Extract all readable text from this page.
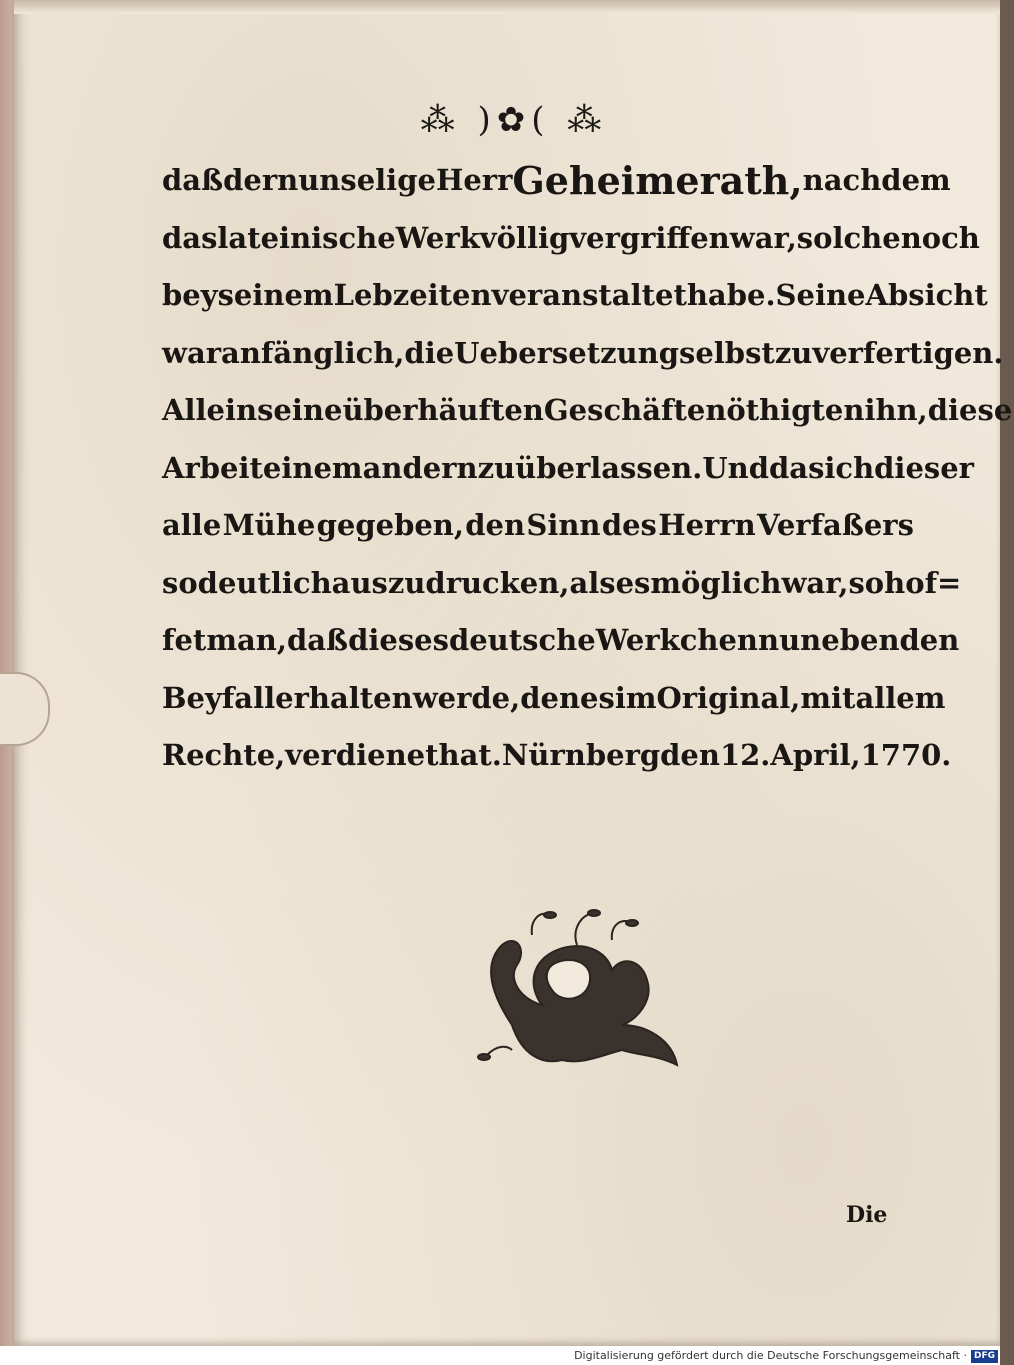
⁂ )✿( ⁂
daß der nun selige Herr Geheimerath, nachdem
das lateinische Werk völlig vergriffen war, solche noch
bey seinem Lebzeiten veranstaltet habe. Seine Absicht
war anfänglich, die Uebersetzung selbst zu verfertigen.
Allein seine überhäuften Geschäfte nöthigten ihn, diese
Arbeit einem andern zu überlassen. Und da sich dieser
alle Mühe gegeben, den Sinn des Herrn Verfaßers
so deutlich auszudrucken, als es möglich war, so hof=
fet man, daß dieses deutsche Werkchen nun eben den
Beyfall erhalten werde, den es im Original, mit allem
Rechte, verdienet hat. Nürnberg den 12. April, 1770.
Die
Digitalisierung gefördert durch die Deutsche Forschungsgemeinschaft · DFG
